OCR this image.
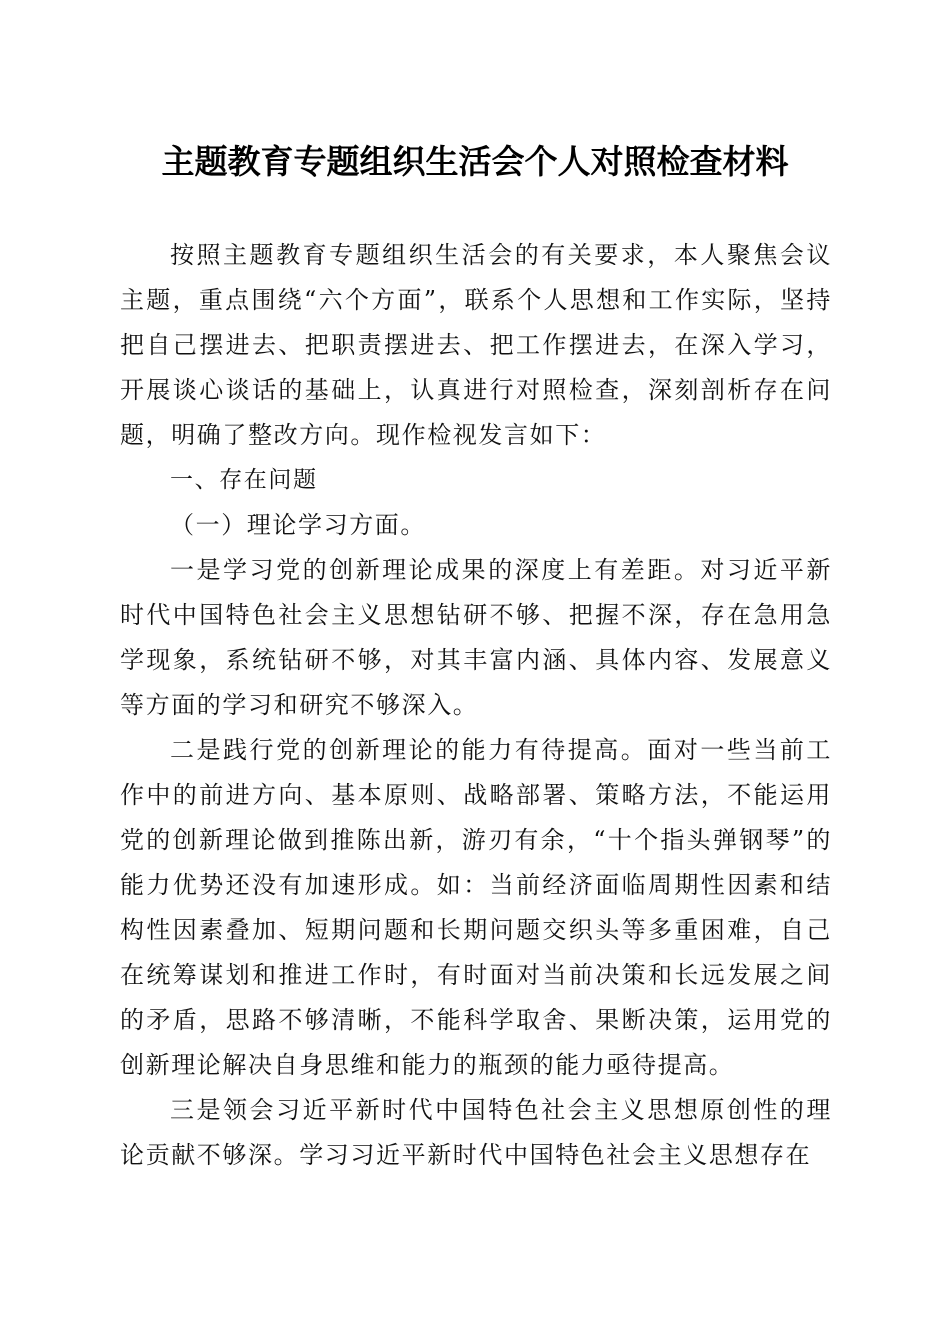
主题教育专题组织生活会个人对照检查材料

按照主题教育专题组织生活会的有关要求，本人聚焦会议主题，重点围绕“六个方面”，联系个人思想和工作实际，坚持把自己摆进去、把职责摆进去、把工作摆进去，在深入学习，开展谈心谈话的基础上，认真进行对照检查，深刻剖析存在问题，明确了整改方向。现作检视发言如下：

一、存在问题

（一）理论学习方面。

一是学习党的创新理论成果的深度上有差距。对习近平新时代中国特色社会主义思想钻研不够、把握不深，存在急用急学现象，系统钻研不够，对其丰富内涵、具体内容、发展意义等方面的学习和研究不够深入。

二是践行党的创新理论的能力有待提高。面对一些当前工作中的前进方向、基本原则、战略部署、策略方法，不能运用党的创新理论做到推陈出新，游刃有余，“十个指头弹钢琴”的能力优势还没有加速形成。如：当前经济面临周期性因素和结构性因素叠加、短期问题和长期问题交织头等多重困难，自己在统筹谋划和推进工作时，有时面对当前决策和长远发展之间的矛盾，思路不够清晰，不能科学取舍、果断决策，运用党的创新理论解决自身思维和能力的瓶颈的能力亟待提高。

三是领会习近平新时代中国特色社会主义思想原创性的理论贡献不够深。学习习近平新时代中国特色社会主义思想存在
